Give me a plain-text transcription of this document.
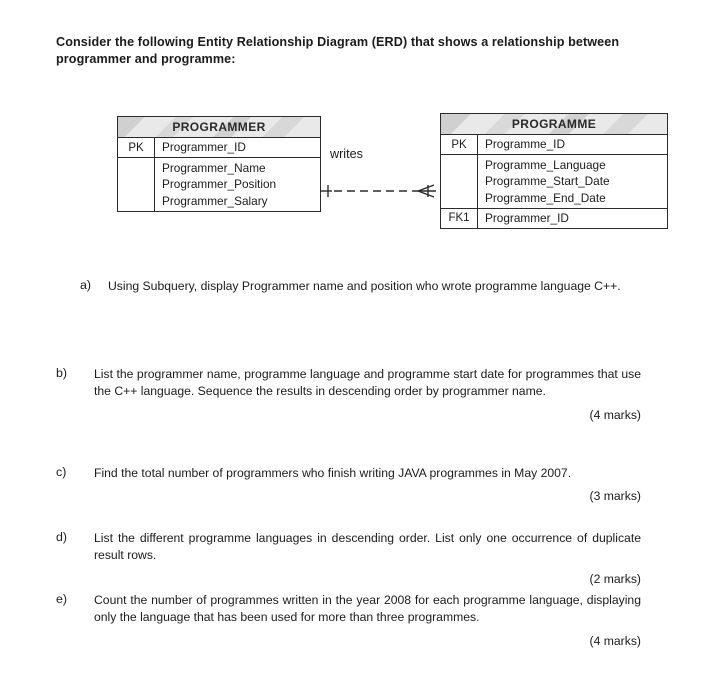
Consider the following Entity Relationship Diagram (ERD) that shows a relationship between programmer and programme:
PROGRAMMER
PK	Programmer_ID
Programmer_Name
Programmer_Position
Programmer_Salary
PROGRAMME
PK	Programme_ID
Programme_Language
Programme_Start_Date
Programme_End_Date
FK1	Programmer_ID
writes
a)	Using Subquery, display Programmer name and position who wrote programme language C++.
b)	List the programmer name, programme language and programme start date for programmes that use the C++ language. Sequence the results in descending order by programmer name.
(4 marks)
c)	Find the total number of programmers who finish writing JAVA programmes in May 2007.
(3 marks)
d)	List the different programme languages in descending order. List only one occurrence of duplicate result rows.
(2 marks)
e)	Count the number of programmes written in the year 2008 for each programme language, displaying only the language that has been used for more than three programmes.
(4 marks)
